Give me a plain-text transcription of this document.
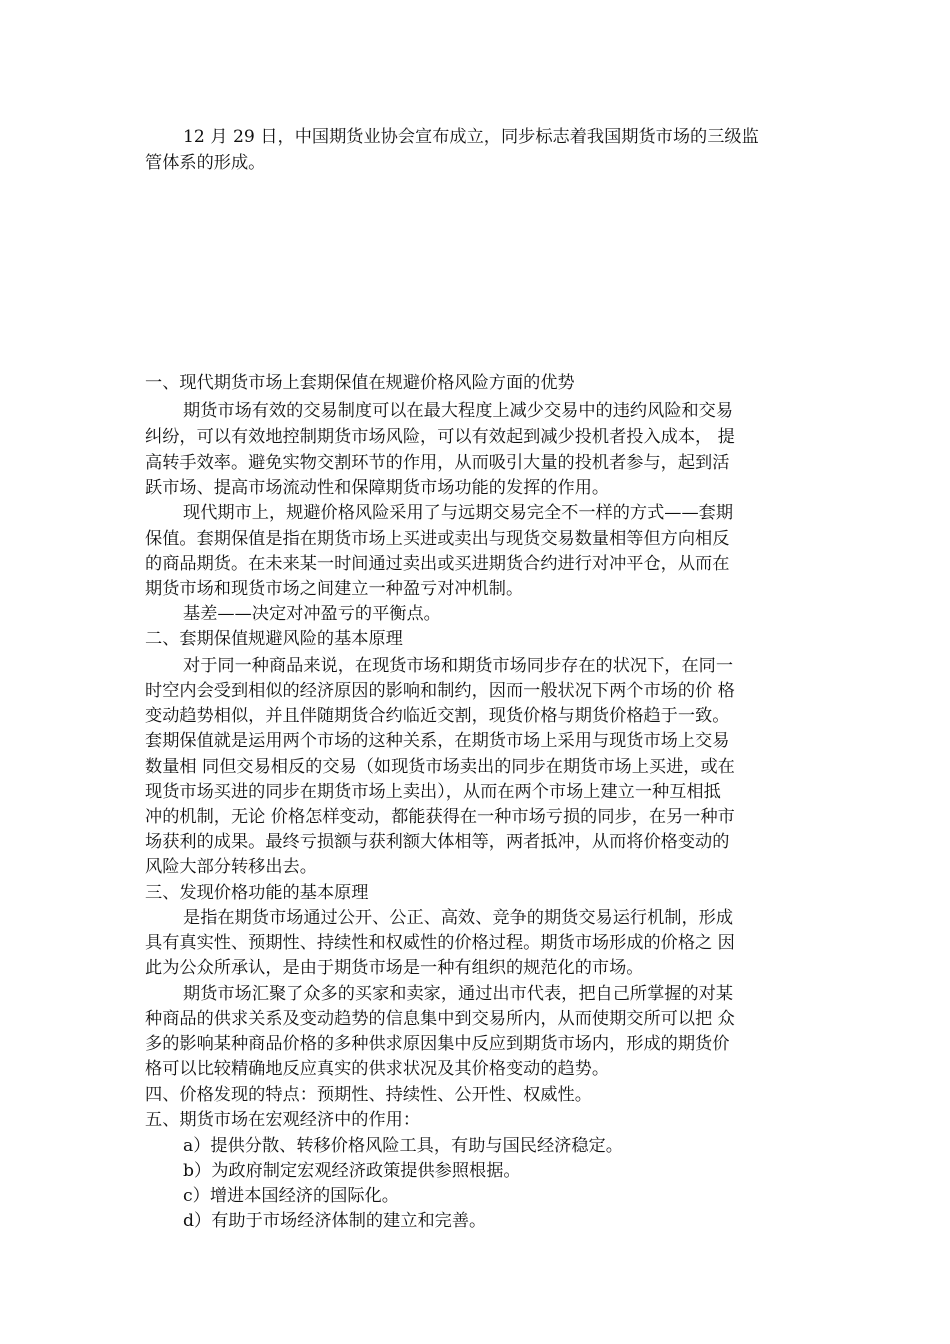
12 月 29 日，中国期货业协会宣布成立，同步标志着我国期货市场的三级监
管体系的形成。
一、现代期货市场上套期保值在规避价格风险方面的优势
期货市场有效的交易制度可以在最大程度上减少交易中的违约风险和交易
纠纷，可以有效地控制期货市场风险，可以有效起到减少投机者投入成本， 提
高转手效率。避免实物交割环节的作用，从而吸引大量的投机者参与，起到活
跃市场、提高市场流动性和保障期货市场功能的发挥的作用。
现代期市上，规避价格风险采用了与远期交易完全不一样的方式——套期
保值。套期保值是指在期货市场上买进或卖出与现货交易数量相等但方向相反
的商品期货。在未来某一时间通过卖出或买进期货合约进行对冲平仓，从而在
期货市场和现货市场之间建立一种盈亏对冲机制。
基差——决定对冲盈亏的平衡点。
二、套期保值规避风险的基本原理
对于同一种商品来说，在现货市场和期货市场同步存在的状况下，在同一
时空内会受到相似的经济原因的影响和制约，因而一般状况下两个市场的价 格
变动趋势相似，并且伴随期货合约临近交割，现货价格与期货价格趋于一致。
套期保值就是运用两个市场的这种关系，在期货市场上采用与现货市场上交易
数量相 同但交易相反的交易（如现货市场卖出的同步在期货市场上买进，或在
现货市场买进的同步在期货市场上卖出），从而在两个市场上建立一种互相抵
冲的机制，无论 价格怎样变动，都能获得在一种市场亏损的同步，在另一种市
场获利的成果。最终亏损额与获利额大体相等，两者抵冲，从而将价格变动的
风险大部分转移出去。
三、发现价格功能的基本原理
是指在期货市场通过公开、公正、高效、竞争的期货交易运行机制，形成
具有真实性、预期性、持续性和权威性的价格过程。期货市场形成的价格之 因
此为公众所承认，是由于期货市场是一种有组织的规范化的市场。
期货市场汇聚了众多的买家和卖家，通过出市代表，把自己所掌握的对某
种商品的供求关系及变动趋势的信息集中到交易所内，从而使期交所可以把 众
多的影响某种商品价格的多种供求原因集中反应到期货市场内，形成的期货价
格可以比较精确地反应真实的供求状况及其价格变动的趋势。
四、价格发现的特点：预期性、持续性、公开性、权威性。
五、期货市场在宏观经济中的作用：
a）提供分散、转移价格风险工具，有助与国民经济稳定。
b）为政府制定宏观经济政策提供参照根据。
c）增进本国经济的国际化。
d）有助于市场经济体制的建立和完善。
